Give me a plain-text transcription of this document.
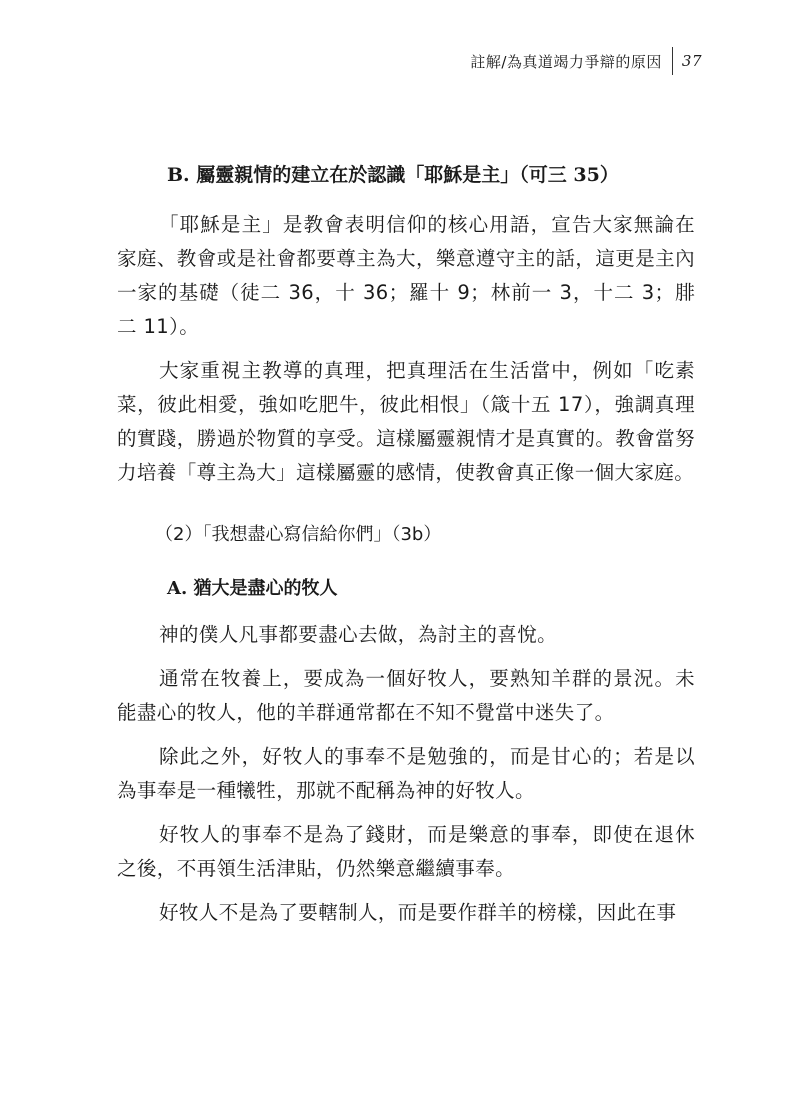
註解/為真道竭力爭辯的原因	37
B. 屬靈親情的建立在於認識「耶穌是主」（可三 35）

「耶穌是主」是教會表明信仰的核心用語，宣告大家無論在家庭、教會或是社會都要尊主為大，樂意遵守主的話，這更是主內一家的基礎（徒二 36，十 36；羅十 9；林前一 3，十二 3；腓二 11）。

大家重視主教導的真理，把真理活在生活當中，例如「吃素菜，彼此相愛，強如吃肥牛，彼此相恨」（箴十五 17），強調真理的實踐，勝過於物質的享受。這樣屬靈親情才是真實的。教會當努力培養「尊主為大」這樣屬靈的感情，使教會真正像一個大家庭。

（2）「我想盡心寫信給你們」（3b）
A. 猶大是盡心的牧人

神的僕人凡事都要盡心去做，為討主的喜悅。

通常在牧養上，要成為一個好牧人，要熟知羊群的景況。未能盡心的牧人，他的羊群通常都在不知不覺當中迷失了。

除此之外，好牧人的事奉不是勉強的，而是甘心的；若是以為事奉是一種犧牲，那就不配稱為神的好牧人。

好牧人的事奉不是為了錢財，而是樂意的事奉，即使在退休之後，不再領生活津貼，仍然樂意繼續事奉。

好牧人不是為了要轄制人，而是要作群羊的榜樣，因此在事
